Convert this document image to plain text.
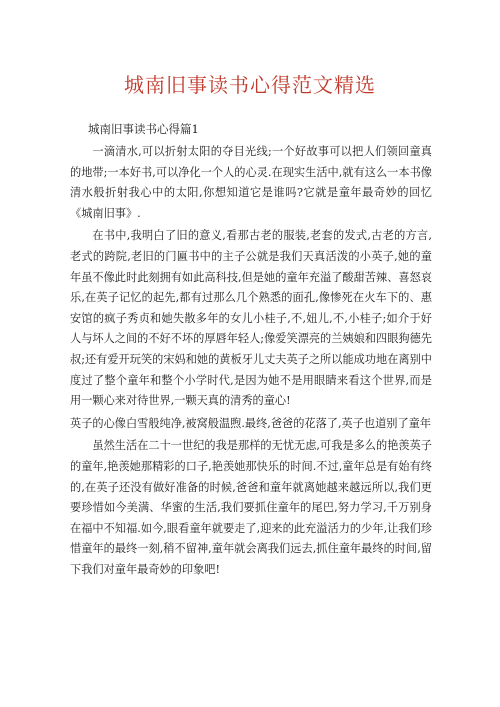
城南旧事读书心得范文精选
城南旧事读书心得篇1

一滴清水,可以折射太阳的夺目光线;一个好故事可以把人们领回童真的地带;一本好书,可以净化一个人的心灵.在现实生活中,就有这么一本书像清水般折射我心中的太阳,你想知道它是谁吗?它就是童年最奇妙的回忆《城南旧事》.

在书中,我明白了旧的意义,看那古老的服装,老套的发式,古老的方言,老式的跨院,老旧的门匾书中的主子公就是我们天真活泼的小英子,她的童年虽不像此时此刻拥有如此高科技,但是她的童年充溢了酸甜苦辣、喜怒哀乐,在英子记忆的起先,都有过那么几个熟悉的面孔,像惨死在火车下的、惠安馆的疯子秀贞和她失散多年的女儿小桂子,不,妞儿,不,小桂子;如介于好人与坏人之间的不好不坏的厚唇年轻人;像爱笑漂亮的兰姨娘和四眼狗德先叔;还有爱开玩笑的宋妈和她的黄板牙儿丈夫英子之所以能成功地在离别中度过了整个童年和整个小学时代,是因为她不是用眼睛来看这个世界,而是用一颗心来对待世界,一颗天真的清秀的童心!

英子的心像白雪般纯净,被窝般温煦.最终,爸爸的花落了,英子也道别了童年

虽然生活在二十一世纪的我是那样的无忧无虑,可我是多么的艳羡英子的童年,艳羡她那精彩的口子,艳羡她那快乐的时间.不过,童年总是有始有终的,在英子还没有做好准备的时候,爸爸和童年就离她越来越远所以,我们更要珍惜如今美满、华蜜的生活,我们要抓住童年的尾巴,努力学习,千万别身在福中不知福.如今,眼看童年就要走了,迎来的此充溢活力的少年,让我们珍惜童年的最终一刻,稍不留神,童年就会离我们远去,抓住童年最终的时间,留下我们对童年最奇妙的印象吧!
